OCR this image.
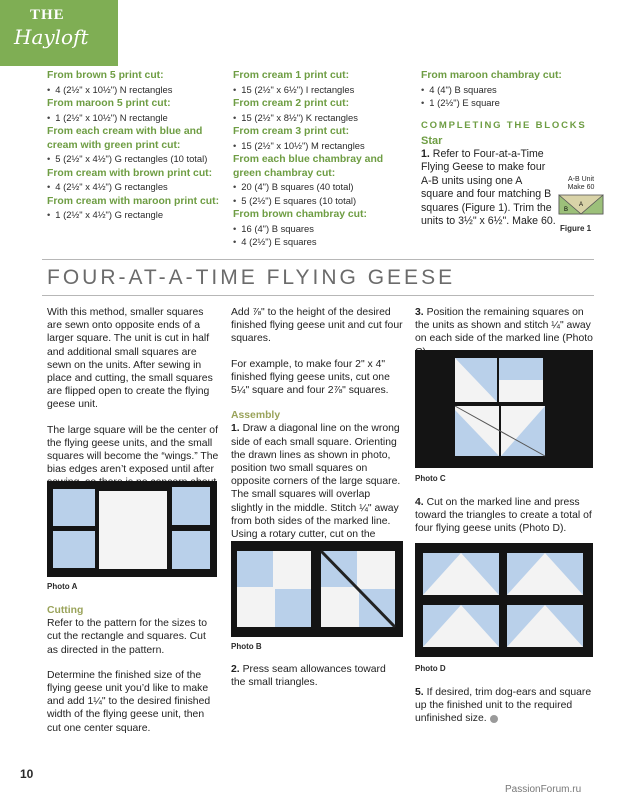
THE
Hayloft
From brown 5 print cut:
• 4 (2½" x 10½") N rectangles
From maroon 5 print cut:
• 1 (2½" x 10½") N rectangle
From each cream with blue and cream with green print cut:
• 5 (2½" x 4½") G rectangles (10 total)
From cream with brown print cut:
• 4 (2½" x 4½") G rectangles
From cream with maroon print cut:
• 1 (2½" x 4½") G rectangle
From cream 1 print cut:
• 15 (2½" x 6½") I rectangles
From cream 2 print cut:
• 15 (2½" x 8½") K rectangles
From cream 3 print cut:
• 15 (2½" x 10½") M rectangles
From each blue chambray and green chambray cut:
• 20 (4") B squares (40 total)
• 5 (2½") E squares (10 total)
From brown chambray cut:
• 16 (4") B squares
• 4 (2½") E squares
From maroon chambray cut:
• 4 (4") B squares
• 1 (2½") E square
COMPLETING THE BLOCKS
Star
1. Refer to Four-at-a-Time Flying Geese to make four A-B units using one A square and four matching B squares (Figure 1). Trim the units to 3½" x 6½". Make 60.
A-B Unit
Make 60
B
A
Figure 1
FOUR-AT-A-TIME FLYING GEESE

With this method, smaller squares are sewn onto opposite ends of a larger square. The unit is cut in half and additional small squares are sewn on the units. After sewing in place and cutting, the small squares are flipped open to create the flying geese unit.

The large square will be the center of the flying geese units, and the small squares will become the “wings.” The bias edges aren’t exposed until after

Photo A
Cutting

Refer to the pattern for the sizes to cut the rectangle and squares. Cut as directed in the pattern.

Determine the finished size of the flying geese unit you’d like to make and add 1¼" to the desired finished width of the flying geese unit, then cut one center square.

Add ⅞" to the height of the desired finished flying geese unit and cut four squares.

For example, to make four 2" x 4" finished flying geese units, cut one 5¼" square and four 2⅞" squares.

Assembly

1. Draw a diagonal line on the wrong side of each small square. Orienting the drawn lines as shown in photo, position two small squares on opposite corners of the large square. The small squares will overlap slightly in the middle. Stitch ¼" away from both sides of the marked line. Using a rotary cutter, cut on the

Photo B

2. Press seam allowances toward the small triangles.

3. Position the remaining squares on the units as shown and stitch ¼" away on each side of the marked line (Photo

Photo C

4. Cut on the marked line and press toward the triangles to create a total of four flying geese units (Photo D).

Photo D

5. If desired, trim dog-ears and square up the finished unit to the required unfinished size.

10
PassionForum.ru
